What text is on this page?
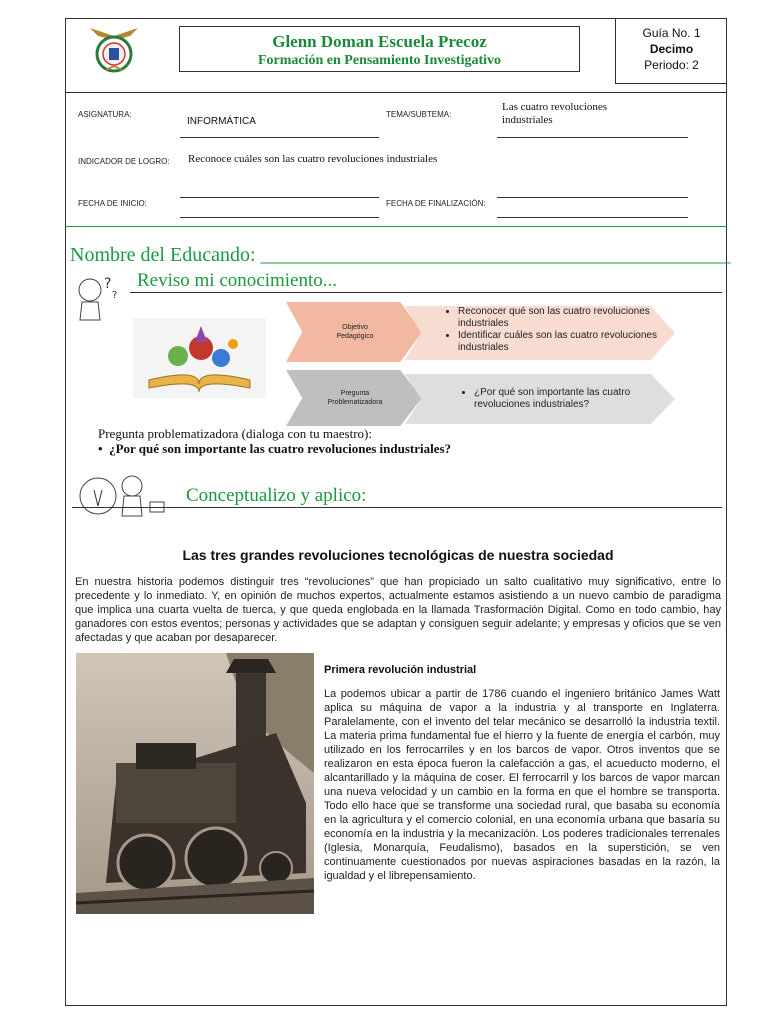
Glenn Doman Escuela Precoz
Formación en Pensamiento Investigativo
Guía No. 1
Decimo
Periodo: 2
ASIGNATURA:
INFORMÁTICA
TEMA/SUBTEMA:
Las cuatro revoluciones
industriales
INDICADOR DE LOGRO: Reconoce cuáles son las cuatro revoluciones industriales
FECHA DE INICIO:	FECHA DE FINALIZACIÓN:
Nombre del Educando: _______________________________________________
?
?
Reviso mi conocimiento...
Objetivo
Pedagógico
• Reconocer qué son las cuatro revoluciones industriales
• Identificar cuáles son las cuatro revoluciones industriales
Pregunta
Problematizadora
• ¿Por qué son importante las cuatro revoluciones industriales?
Pregunta problematizadora (dialoga con tu maestro):
•  ¿Por qué son importante las cuatro revoluciones industriales?
Conceptualizo y aplico:
Las tres grandes revoluciones tecnológicas de nuestra sociedad
En nuestra historia podemos distinguir tres “revoluciones” que han propiciado un salto cualitativo muy significativo, entre lo precedente y lo inmediato. Y, en opinión de muchos expertos, actualmente estamos asistiendo a un nuevo cambio de paradigma que implica una cuarta vuelta de tuerca, y que queda englobada en la llamada Trasformación Digital. Como en todo cambio, hay ganadores con estos eventos; personas y actividades que se adaptan y consiguen seguir adelante; y empresas y oficios que se ven afectadas y que acaban por desaparecer.
Primera revolución industrial
La podemos ubicar a partir de 1786 cuando el ingeniero británico James Watt aplica su máquina de vapor a la industria y al transporte en Inglaterra. Paralelamente, con el invento del telar mecánico se desarrolló la industria textil. La materia prima fundamental fue el hierro y la fuente de energía el carbón, muy utilizado en los ferrocarriles y en los barcos de vapor. Otros inventos que se realizaron en esta época fueron la calefacción a gas, el acueducto moderno, el alcantarillado y la máquina de coser. El ferrocarril y los barcos de vapor marcan una nueva velocidad y un cambio en la forma en que el hombre se transporta. Todo ello hace que se transforme una sociedad rural, que basaba su economía en la agricultura y el comercio colonial, en una economía urbana que basaría su economía en la industria y la mecanización. Los poderes tradicionales terrenales (Iglesia, Monarquía, Feudalismo), basados en la superstición, se ven continuamente cuestionados por nuevas aspiraciones basadas en la razón, la igualdad y el librepensamiento.
